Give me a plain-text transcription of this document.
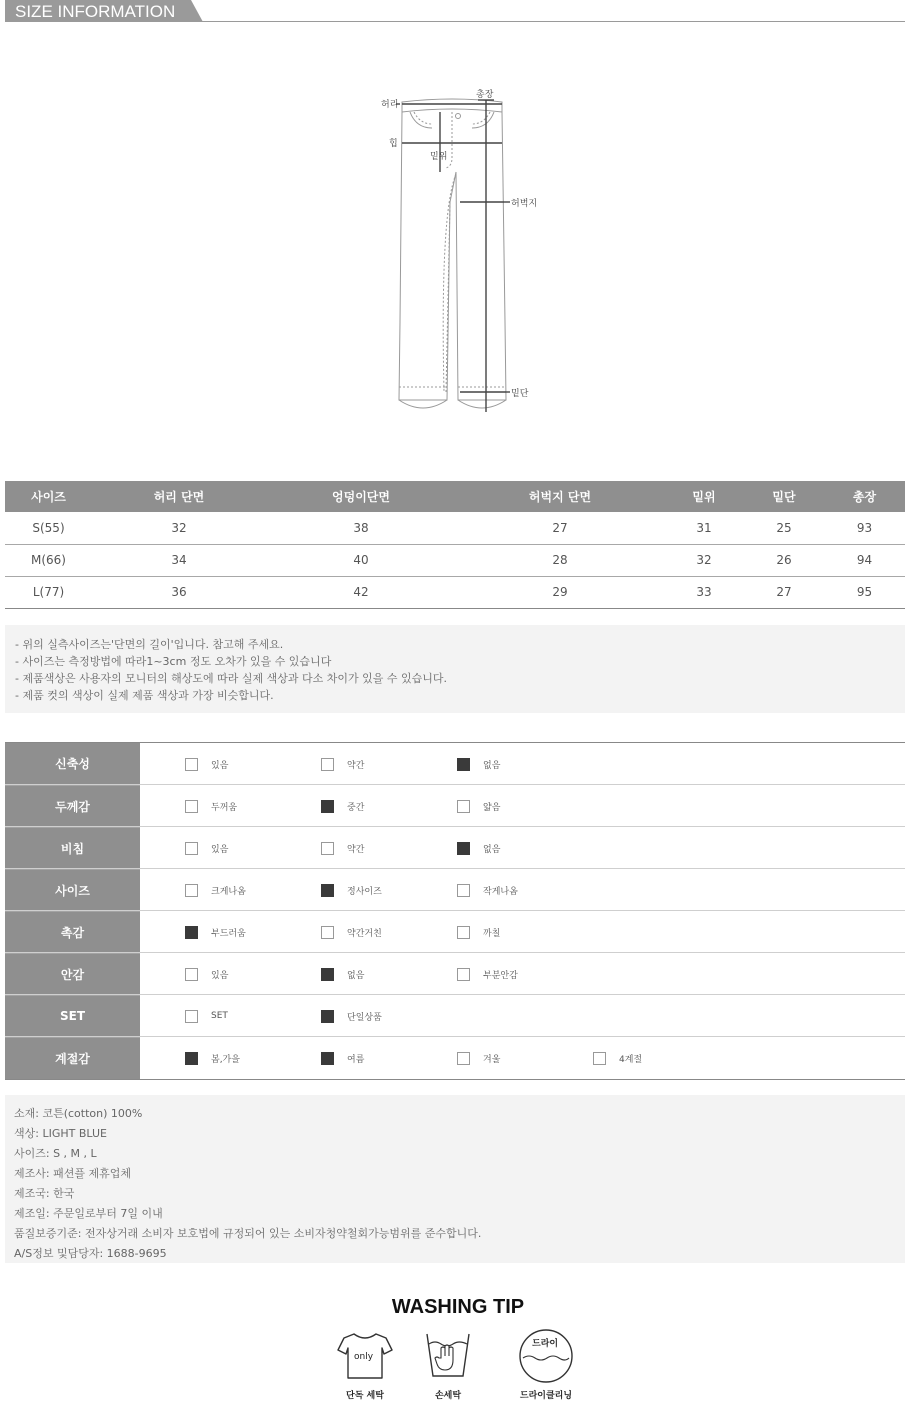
SIZE INFORMATION
허리
총장
힙
밑위
허벅지
밑단
사이즈	허리 단면	엉덩이단면	허벅지 단면	밑위	밑단	총장
S(55)	32	38	27	31	25	93
M(66)	34	40	28	32	26	94
L(77)	36	42	29	33	27	95
- 위의 실측사이즈는'단면의 길이'입니다. 참고해 주세요.
- 사이즈는 측정방법에 따라1~3cm 정도 오차가 있을 수 있습니다
- 제품색상은 사용자의 모니터의 해상도에 따라 실제 색상과 다소 차이가 있을 수 있습니다.
- 제품 컷의 색상이 실제 제품 색상과 가장 비슷합니다.
신축성	있음	약간	없음
두께감	두꺼움	중간	얇음
비침	있음	약간	없음
사이즈	크게나옴	정사이즈	작게나옴
촉감	부드러움	약간거친	까칠
안감	있음	없음	부분안감
SET	SET	단일상품
계절감	봄,가을	여름	겨울	4계절
소재: 코튼(cotton) 100%
색상: LIGHT BLUE
사이즈: S , M , L
제조사: 패션플 제휴업체
제조국: 한국
제조일: 주문일로부터 7일 이내
품질보증기준: 전자상거래 소비자 보호법에 규정되어 있는 소비자청약철회가능범위를 준수합니다.
A/S정보 및담당자: 1688-9695
WASHING TIP
only
단독 세탁	손세탁
드라이
드라이클리닝
